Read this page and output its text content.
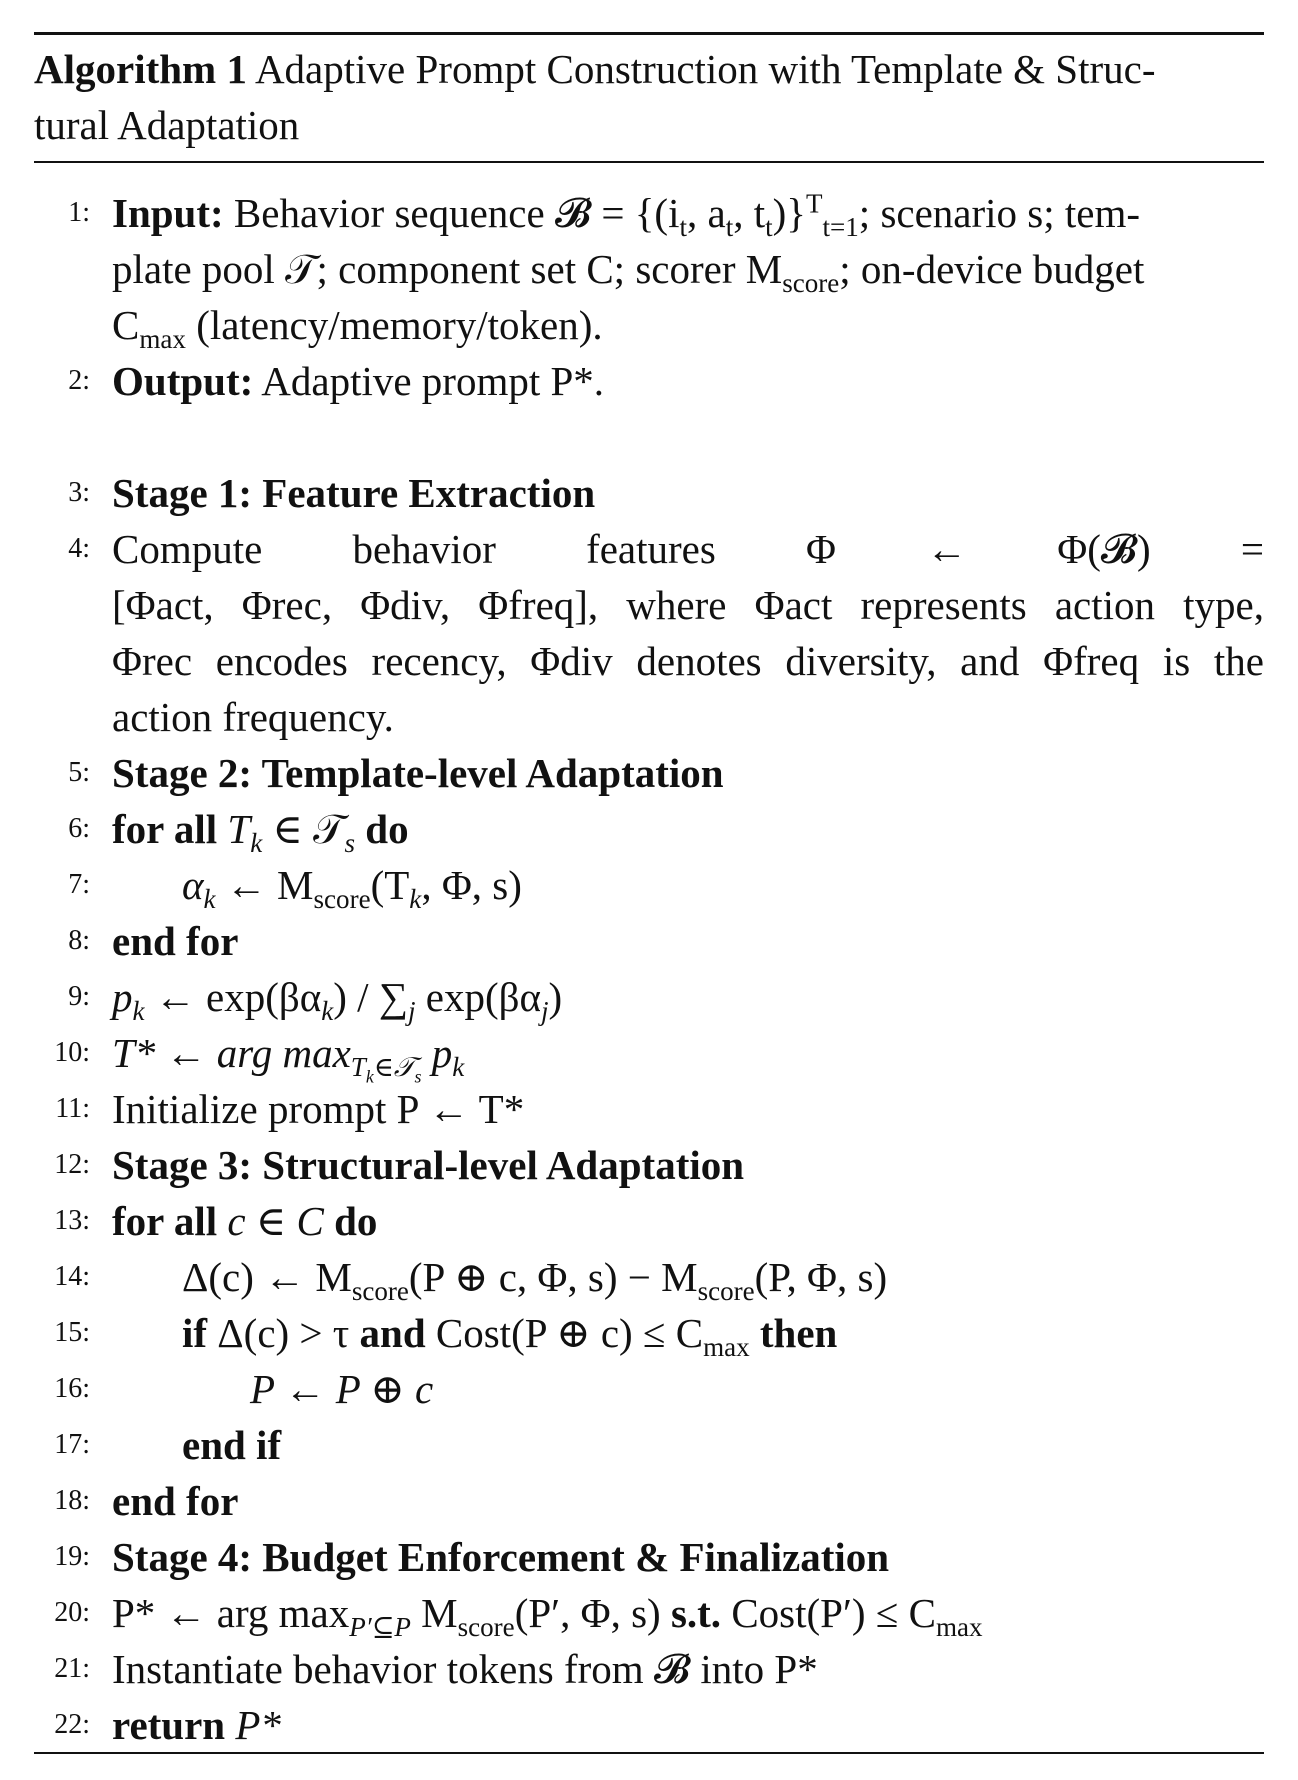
Algorithm 1 Adaptive Prompt Construction with Template & Struc-
tural Adaptation
1: Input: Behavior sequence 𝓑 = {($i_t$, $a_t$, $t_t)\}^T_{t=1}$; scenario s; tem-
plate pool 𝒯; component set C; scorer $M_{score}$; on-device budget
$C_{max}$ (latency/memory/token).
2: Output: Adaptive prompt P*.
3: Stage 1: Feature Extraction
4: Compute behavior features Φ ← Φ(𝓑) =
[Φact, Φrec, Φdiv, Φfreq], where Φact represents action type,
Φrec encodes recency, Φdiv denotes diversity, and Φfreq is the
action frequency.
5: Stage 2: Template-level Adaptation
6: for all $T_k$ ∈ 𝒯$_s$ do
7: $\alpha_k$ ← $M_{score}(T_k$, Φ, s)
8: end for
9: $p_k$ ← $\exp(\beta\alpha_k) / \sum_j$ $\exp(\beta\alpha_j)$
10: T* ← arg $\max_{T_k\in 𝒯_s} p_k$
11: Initialize prompt P ← T*
12: Stage 3: Structural-level Adaptation
13: for all c ∈ C do
14: Δ(c) ← $M_{score}(P$ ⊕ c, Φ, $s) - M_{score}(P$, Φ, s)
15: if Δ(c) > τ and Cost(P ⊕ $c) \le C_{max}$ then
16:	P ← P ⊕ c
17: end if
18: end for
19: Stage 4: Budget Enforcement & Finalization
20: P* ← arg $\max_{P'⊆P} M_{score}(P'$, Φ, s) s.t. Cost(P′) ≤ $C_{max}$
21: Instantiate behavior tokens from 𝓑 into P*
22: return P*
